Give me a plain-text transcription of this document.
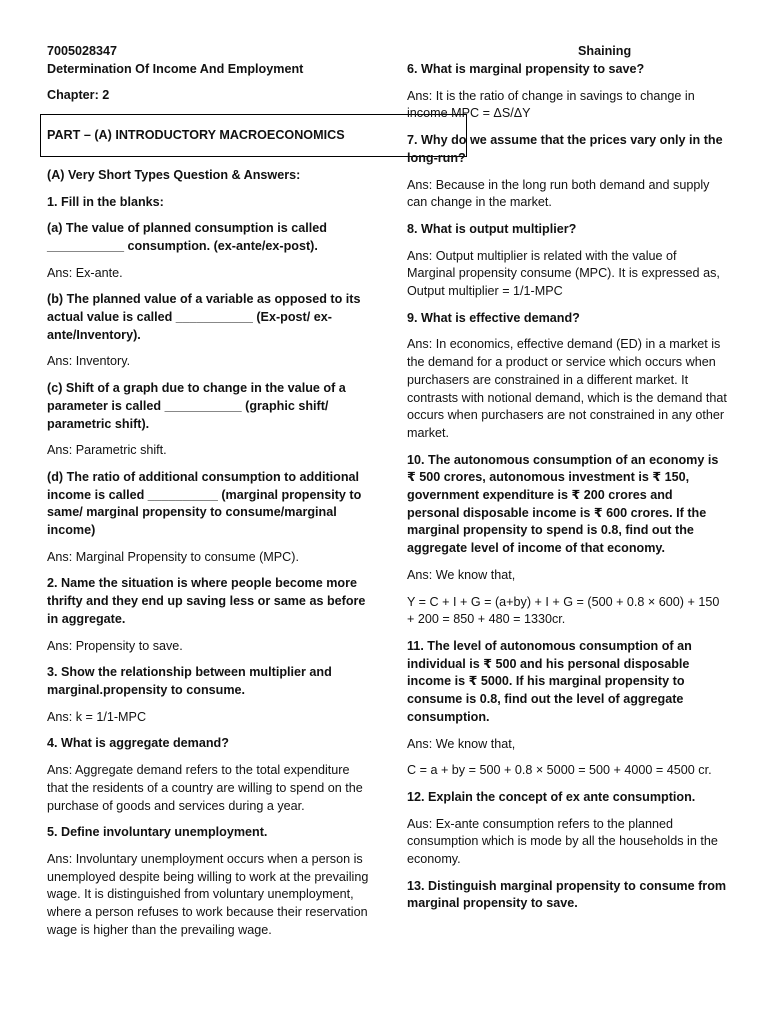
Shaining

7005028347

Determination Of Income And Employment

Chapter: 2

PART – (A) INTRODUCTORY MACROECONOMICS

(A) Very Short Types Question & Answers:

1. Fill in the blanks:

(a) The value of planned consumption is called ___________ consumption. (ex-ante/ex-post).

Ans: Ex-ante.

(b) The planned value of a variable as opposed to its actual value is called ___________ (Ex-post/ ex-ante/Inventory).

Ans: Inventory.

(c) Shift of a graph due to change in the value of a parameter is called ___________ (graphic shift/ parametric shift).

Ans: Parametric shift.

(d) The ratio of additional consumption to additional income is called __________ (marginal propensity to same/ marginal propensity to consume/marginal income)

Ans: Marginal Propensity to consume (MPC).

2. Name the situation is where people become more thrifty and they end up saving less or same as before in aggregate.

Ans: Propensity to save.

3. Show the relationship between multiplier and marginal.propensity to consume.

Ans: k = 1/1-MPC

4. What is aggregate demand?

Ans: Aggregate demand refers to the total expenditure that the residents of a country are willing to spend on the purchase of goods and services during a year.

5. Define involuntary unemployment.

Ans: Involuntary unemployment occurs when a person is unemployed despite being willing to work at the prevailing wage. It is distinguished from voluntary unemployment, where a person refuses to work because their reservation wage is higher than the prevailing wage.

6. What is marginal propensity to save?

Ans: It is the ratio of change in savings to change in income MPC = ΔS/ΔY

7. Why do we assume that the prices vary only in the long-run?

Ans: Because in the long run both demand and supply can change in the market.

8. What is output multiplier?

Ans: Output multiplier is related with the value of Marginal propensity consume (MPC). It is expressed as, Output multiplier = 1/1-MPC

9. What is effective demand?

Ans: In economics, effective demand (ED) in a market is the demand for a product or service which occurs when purchasers are constrained in a different market. It contrasts with notional demand, which is the demand that occurs when purchasers are not constrained in any other market.

10. The autonomous consumption of an economy is ₹ 500 crores, autonomous investment is ₹ 150, government expenditure is ₹ 200 crores and personal disposable income is ₹ 600 crores. If the marginal propensity to spend is 0.8, find out the aggregate level of income of that economy.

Ans: We know that,

Y = C + I + G = (a+by) + I + G = (500 + 0.8 × 600) + 150 + 200 = 850 + 480 = 1330cr.

11. The level of autonomous consumption of an individual is ₹ 500 and his personal disposable income is ₹ 5000. If his marginal propensity to consume is 0.8, find out the level of aggregate consumption.

Ans: We know that,

C = a + by = 500 + 0.8 × 5000 = 500 + 4000 = 4500 cr.

12. Explain the concept of ex ante consumption.

Aus: Ex-ante consumption refers to the planned consumption which is mode by all the households in the economy.

13. Distinguish marginal propensity to consume from marginal propensity to save.
